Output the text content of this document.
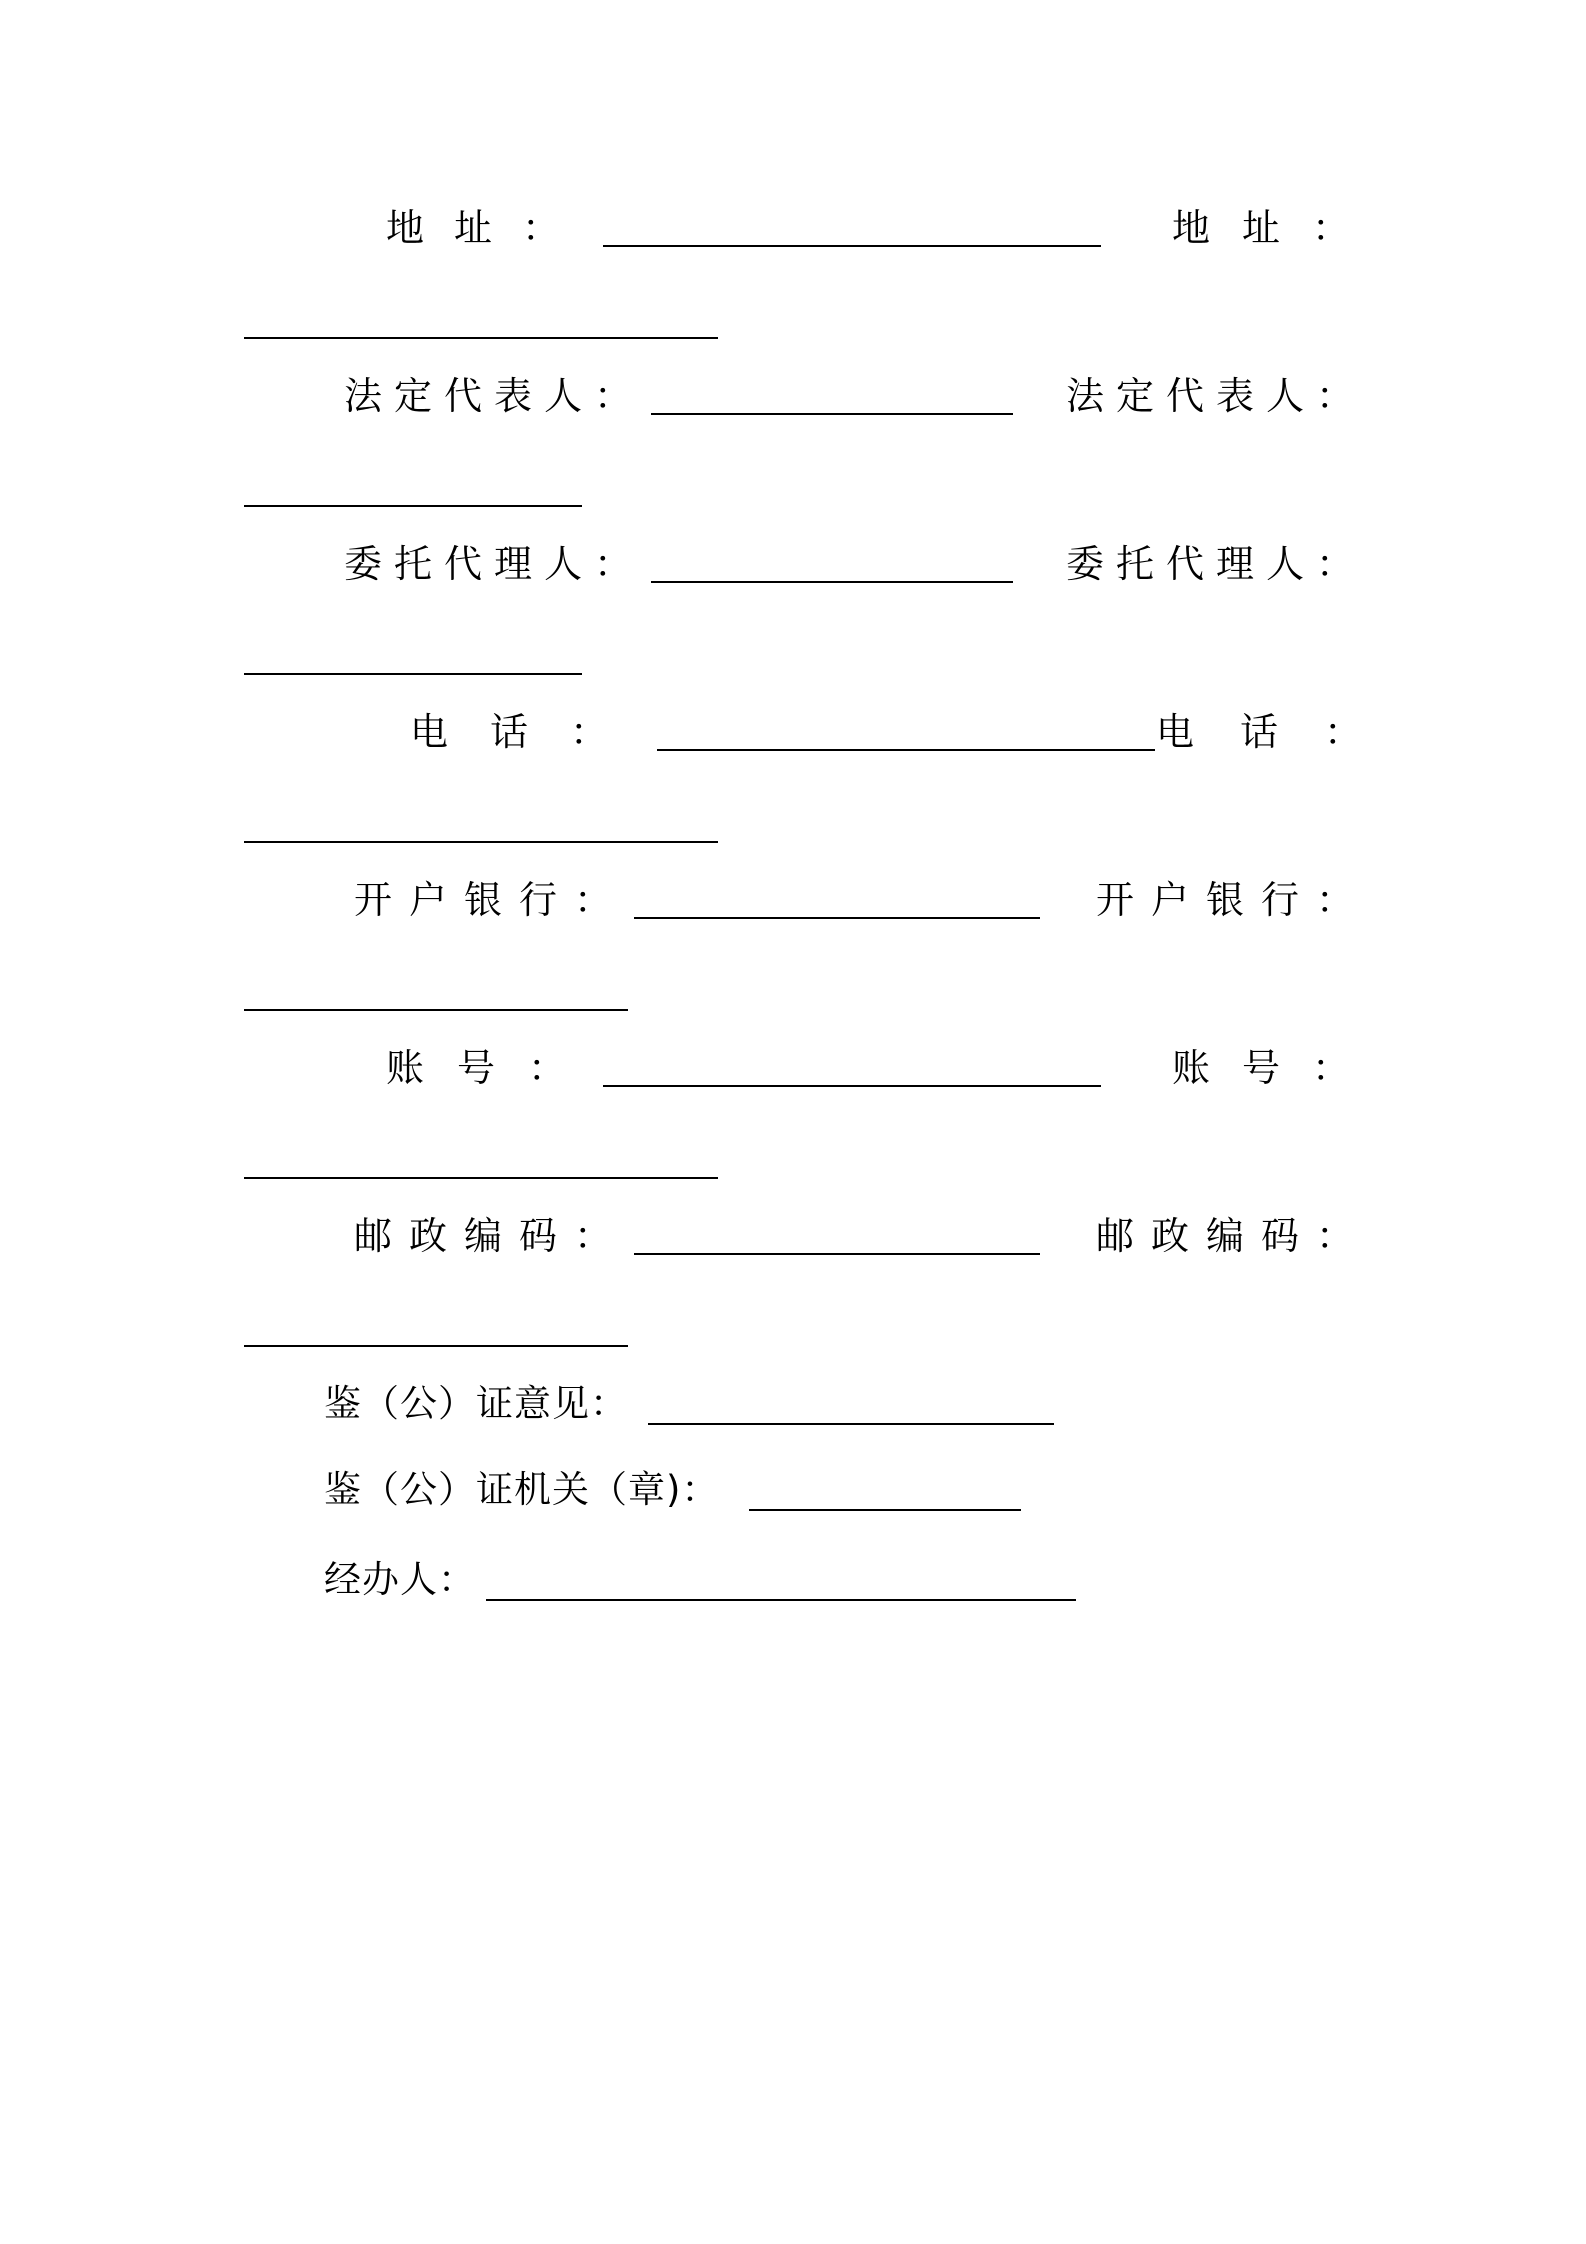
地址：	地址：
法定代表人：	法定代表人：
委托代理人：	委托代理人：
电话：	电话：
开户银行：	开户银行：
账号：	账号：
邮政编码：	邮政编码：
鉴（公）证意见：
鉴（公）证机关（章)：
经办人：
